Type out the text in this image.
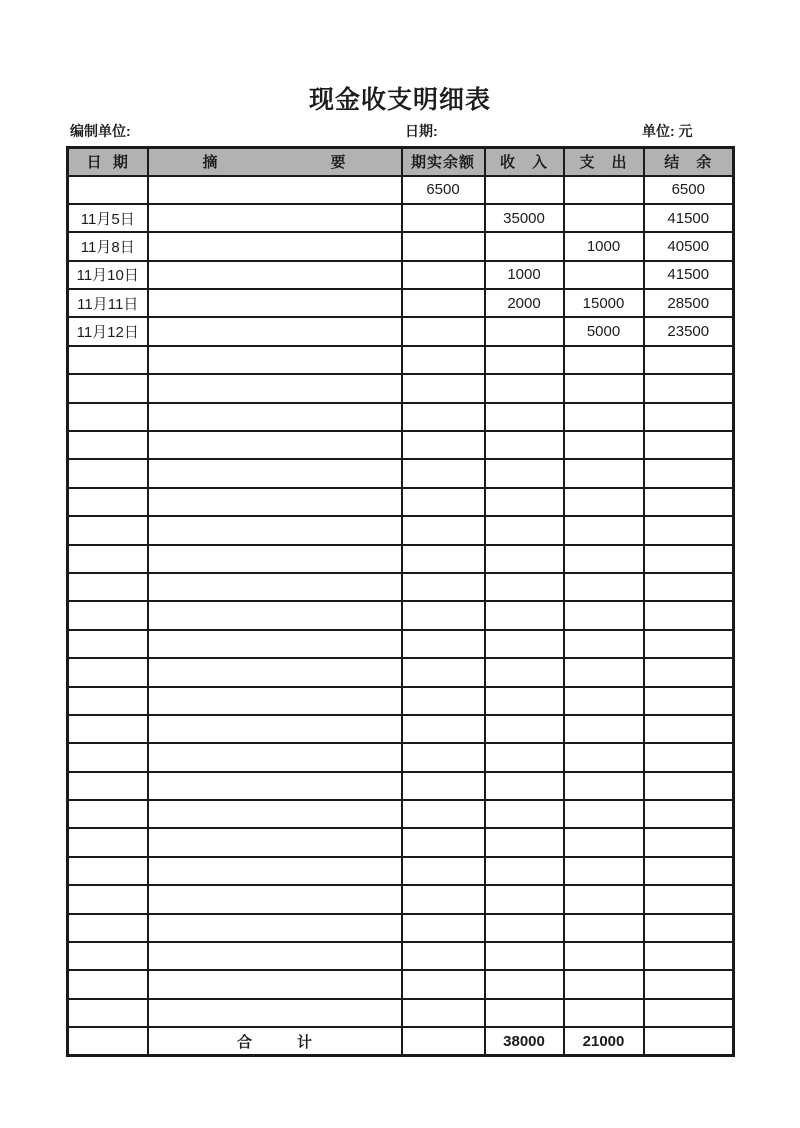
现金收支明细表
编制单位:	日期:	单位: 元
日  期	摘　　　　　　　要	期实余额	收　入	支　出	结　余
		6500			6500
11月5日			35000		41500
11月8日				1000	40500
11月10日			1000		41500
11月11日			2000	15000	28500
11月12日				5000	23500

	合　　　计		38000	21000	
